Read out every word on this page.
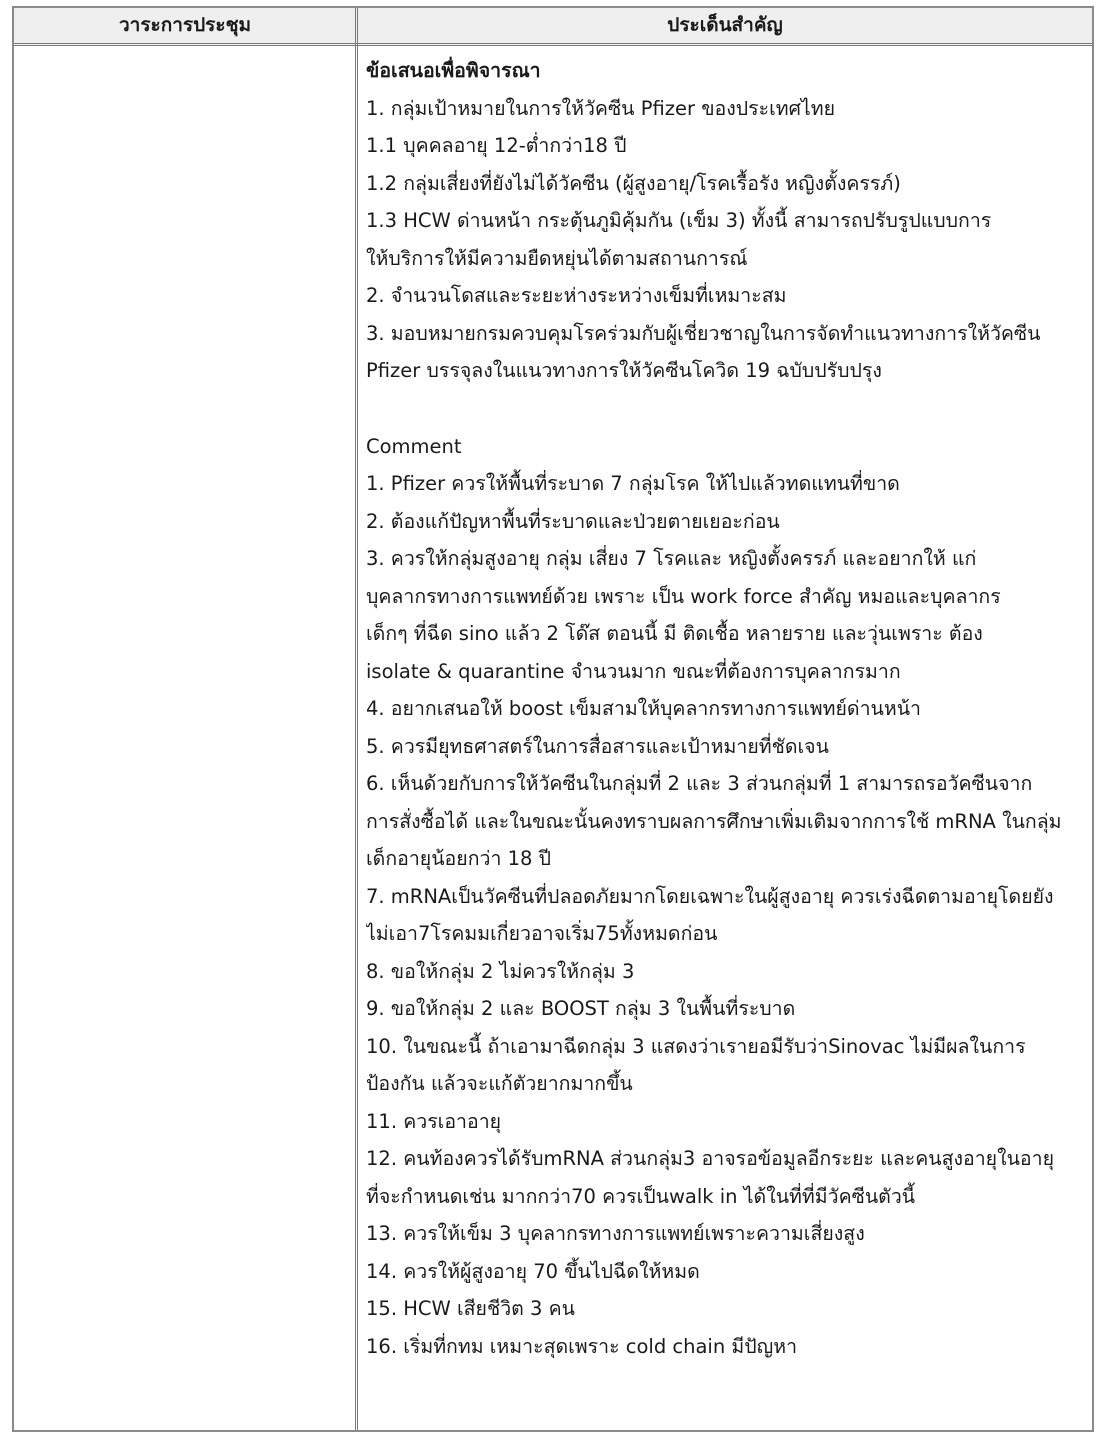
วาระการประชุม	ประเด็นสำคัญ
ข้อเสนอเพื่อพิจารณา
1. กลุ่มเป้าหมายในการให้วัคซีน Pfizer ของประเทศไทย
1.1 บุคคลอายุ 12-ต่ำกว่า18 ปี
1.2 กลุ่มเสี่ยงที่ยังไม่ได้วัคซีน (ผู้สูงอายุ/โรคเรื้อรัง หญิงตั้งครรภ์)
1.3 HCW ด่านหน้า กระตุ้นภูมิคุ้มกัน (เข็ม 3) ทั้งนี้ สามารถปรับรูปแบบการ
ให้บริการให้มีความยืดหยุ่นได้ตามสถานการณ์
2. จำนวนโดสและระยะห่างระหว่างเข็มที่เหมาะสม
3. มอบหมายกรมควบคุมโรคร่วมกับผู้เชี่ยวชาญในการจัดทำแนวทางการให้วัคซีน
Pfizer บรรจุลงในแนวทางการให้วัคซีนโควิด 19 ฉบับปรับปรุง
Comment
1. Pfizer ควรให้พื้นที่ระบาด 7 กลุ่มโรค ให้ไปแล้วทดแทนที่ขาด
2. ต้องแก้ปัญหาพื้นที่ระบาดและป่วยตายเยอะก่อน
3. ควรให้กลุ่มสูงอายุ กลุ่ม เสี่ยง 7 โรคและ หญิงตั้งครรภ์ และอยากให้ แก่
บุคลากรทางการแพทย์ด้วย เพราะ เป็น work force สำคัญ หมอและบุคลากร
เด็กๆ ที่ฉีด sino แล้ว 2 โด๊ส ตอนนี้ มี ติดเชื้อ หลายราย และวุ่นเพราะ ต้อง
isolate & quarantine จำนวนมาก ขณะที่ต้องการบุคลากรมาก
4. อยากเสนอให้ boost เข็มสามให้บุคลากรทางการแพทย์ด่านหน้า
5. ควรมียุทธศาสตร์ในการสื่อสารและเป้าหมายที่ชัดเจน
6. เห็นด้วยกับการให้วัคซีนในกลุ่มที่ 2 และ 3 ส่วนกลุ่มที่ 1 สามารถรอวัคซีนจาก
การสั่งซื้อได้ และในขณะนั้นคงทราบผลการศึกษาเพิ่มเติมจากการใช้ mRNA ในกลุ่ม
เด็กอายุน้อยกว่า 18 ปี
7. mRNAเป็นวัคซีนที่ปลอดภัยมากโดยเฉพาะในผู้สูงอายุ ควรเร่งฉีดตามอายุโดยยัง
ไม่เอา7โรคมมเกี่ยวอาจเริ่ม75ทั้งหมดก่อน
8. ขอให้กลุ่ม 2 ไม่ควรให้กลุ่ม 3
9. ขอให้กลุ่ม 2 และ BOOST กลุ่ม 3 ในพื้นที่ระบาด
10. ในขณะนี้ ถ้าเอามาฉีดกลุ่ม 3 แสดงว่าเรายอมีรับว่าSinovac ไม่มีผลในการ
ป้องกัน แล้วจะแก้ตัวยากมากขึ้น
11. ควรเอาอายุ
12. คนท้องควรได้รับmRNA ส่วนกลุ่ม3 อาจรอข้อมูลอีกระยะ และคนสูงอายุในอายุ
ที่จะกำหนดเช่น มากกว่า70 ควรเป็นwalk in ได้ในที่ที่มีวัคซีนตัวนี้
13. ควรให้เข็ม 3 บุคลากรทางการแพทย์เพราะความเสี่ยงสูง
14. ควรให้ผู้สูงอายุ 70 ขึ้นไปฉีดให้หมด
15. HCW เสียชีวิต 3 คน
16. เริ่มที่กทม เหมาะสุดเพราะ cold chain มีปัญหา
